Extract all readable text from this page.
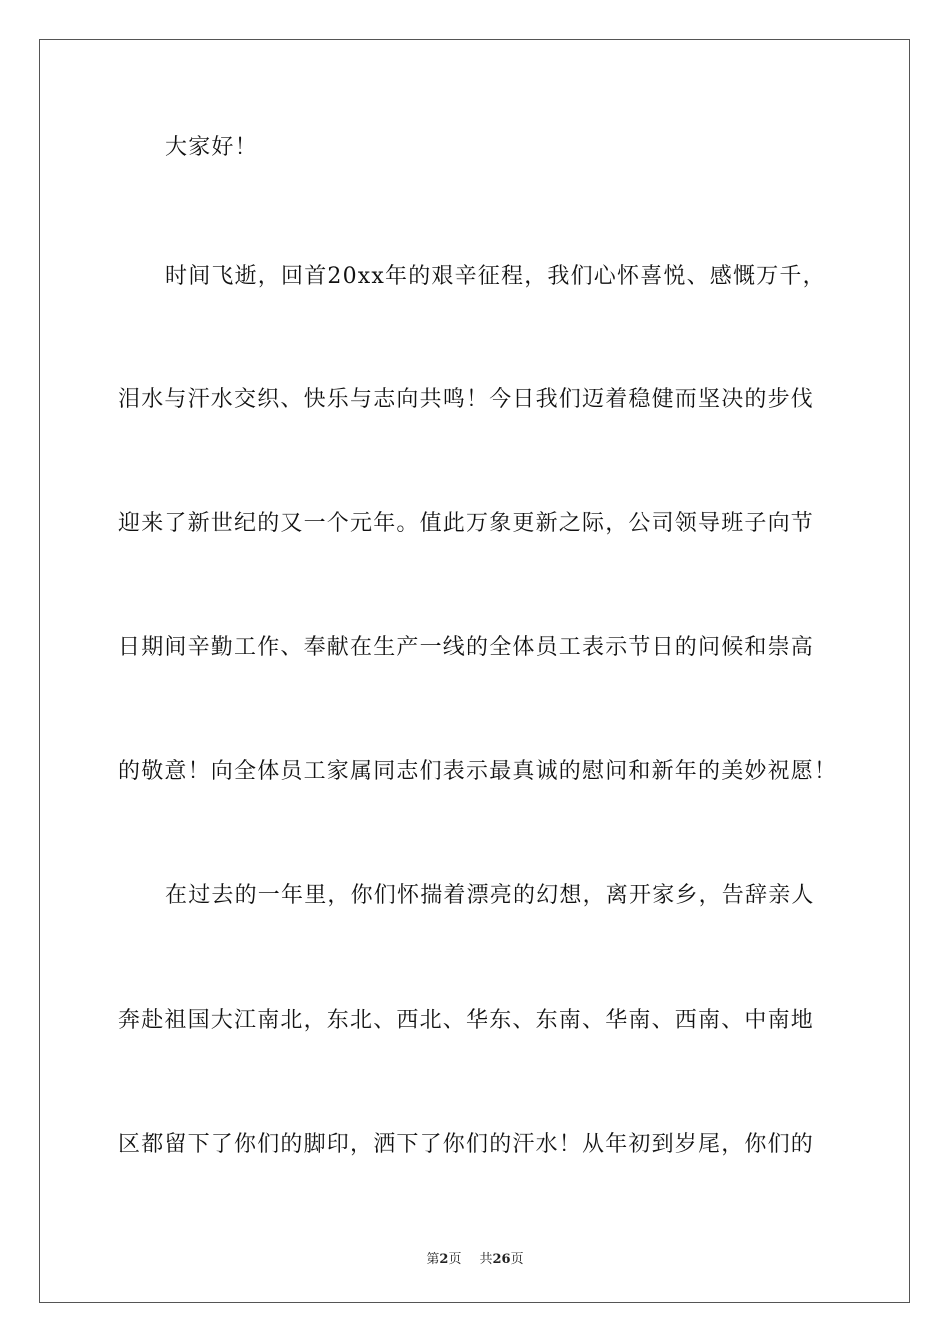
大家好！
时间飞逝，回首20xx年的艰辛征程，我们心怀喜悦、感慨万千，
泪水与汗水交织、快乐与志向共鸣！今日我们迈着稳健而坚决的步伐
迎来了新世纪的又一个元年。值此万象更新之际，公司领导班子向节
日期间辛勤工作、奉献在生产一线的全体员工表示节日的问候和崇高
的敬意！向全体员工家属同志们表示最真诚的慰问和新年的美妙祝愿！
在过去的一年里，你们怀揣着漂亮的幻想，离开家乡，告辞亲人
奔赴祖国大江南北，东北、西北、华东、东南、华南、西南、中南地
区都留下了你们的脚印，洒下了你们的汗水！从年初到岁尾，你们的
第2页 共26页
